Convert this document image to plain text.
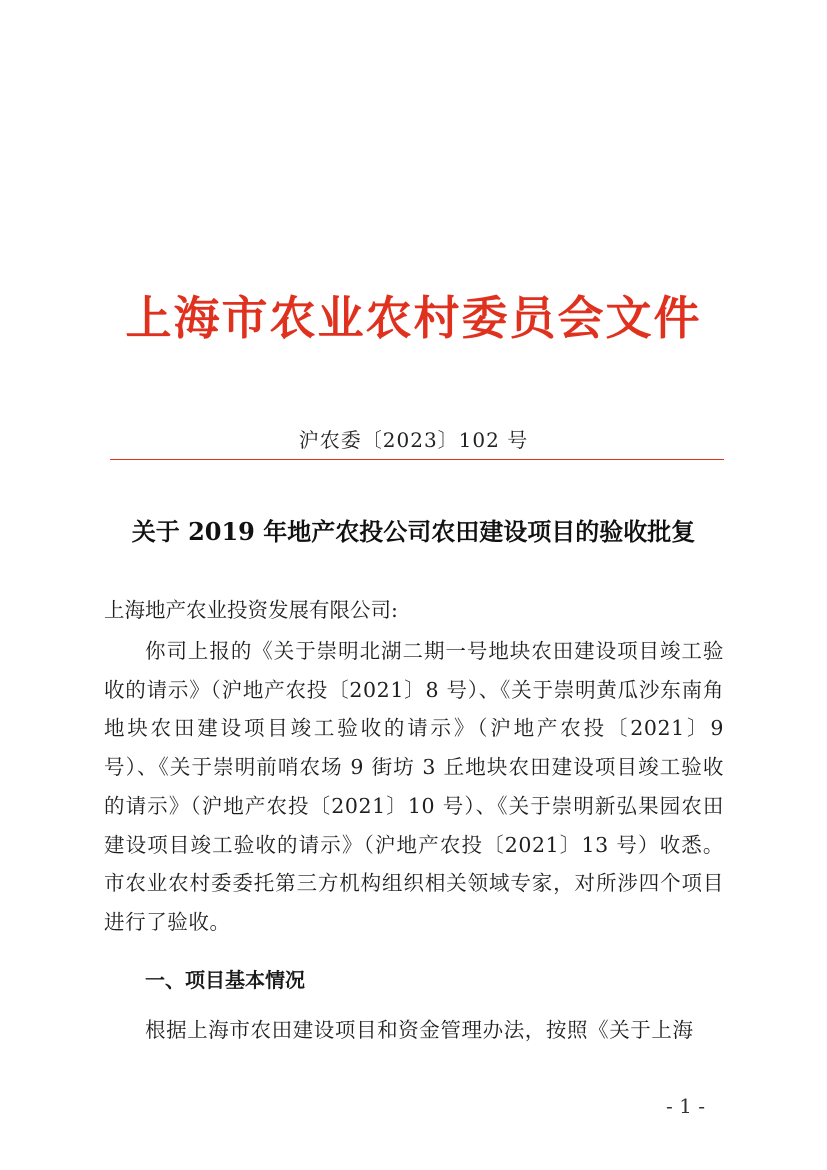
上海市农业农村委员会文件
沪农委〔2023〕102 号
关于 2019 年地产农投公司农田建设项目的验收批复
上海地产农业投资发展有限公司:
你司上报的《关于崇明北湖二期一号地块农田建设项目竣工验收的请示》（沪地产农投〔2021〕8 号）、《关于崇明黄瓜沙东南角地块农田建设项目竣工验收的请示》（沪地产农投〔2021〕9 号）、《关于崇明前哨农场 9 街坊 3 丘地块农田建设项目竣工验收的请示》（沪地产农投〔2021〕10 号）、《关于崇明新弘果园农田建设项目竣工验收的请示》（沪地产农投〔2021〕13 号）收悉。市农业农村委委托第三方机构组织相关领域专家，对所涉四个项目进行了验收。
一、项目基本情况
根据上海市农田建设项目和资金管理办法，按照《关于上海
- 1 -
